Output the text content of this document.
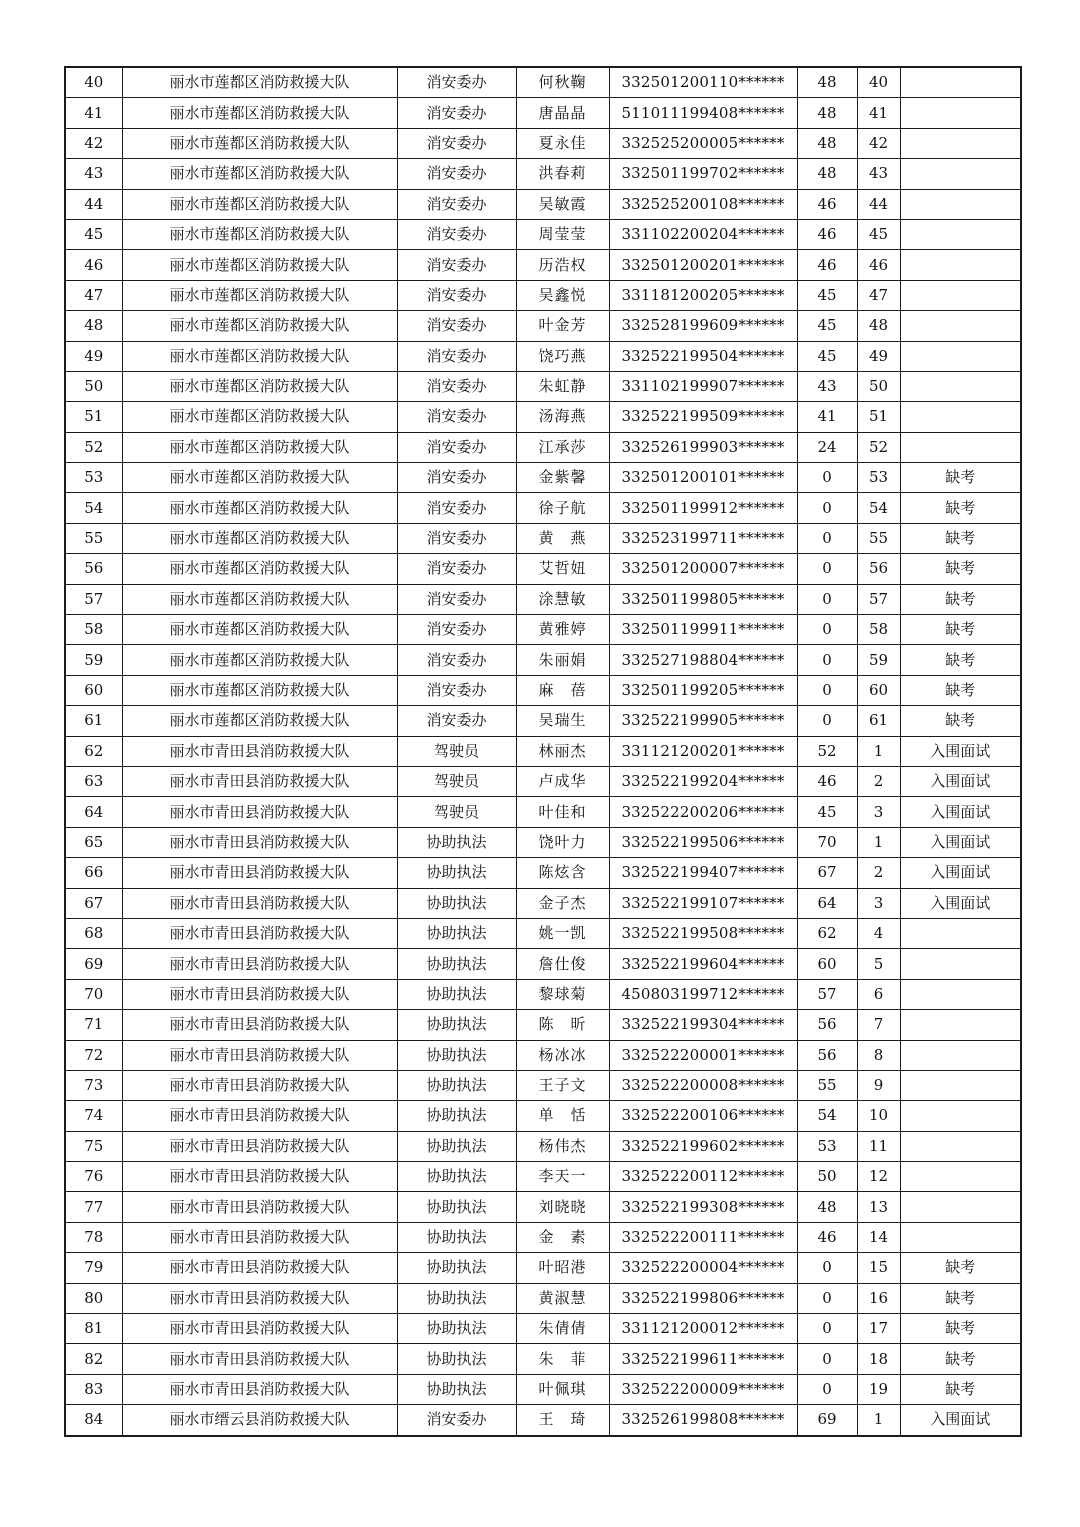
40	丽水市莲都区消防救援大队	消安委办	何秋鞠	332501200110******	48	40	
41	丽水市莲都区消防救援大队	消安委办	唐晶晶	511011199408******	48	41	
42	丽水市莲都区消防救援大队	消安委办	夏永佳	332525200005******	48	42	
43	丽水市莲都区消防救援大队	消安委办	洪春莉	332501199702******	48	43	
44	丽水市莲都区消防救援大队	消安委办	吴敏霞	332525200108******	46	44	
45	丽水市莲都区消防救援大队	消安委办	周莹莹	331102200204******	46	45	
46	丽水市莲都区消防救援大队	消安委办	历浩权	332501200201******	46	46	
47	丽水市莲都区消防救援大队	消安委办	吴鑫悦	331181200205******	45	47	
48	丽水市莲都区消防救援大队	消安委办	叶金芳	332528199609******	45	48	
49	丽水市莲都区消防救援大队	消安委办	饶巧燕	332522199504******	45	49	
50	丽水市莲都区消防救援大队	消安委办	朱虹静	331102199907******	43	50	
51	丽水市莲都区消防救援大队	消安委办	汤海燕	332522199509******	41	51	
52	丽水市莲都区消防救援大队	消安委办	江承莎	332526199903******	24	52	
53	丽水市莲都区消防救援大队	消安委办	金紫馨	332501200101******	0	53	缺考
54	丽水市莲都区消防救援大队	消安委办	徐子航	332501199912******	0	54	缺考
55	丽水市莲都区消防救援大队	消安委办	黄　燕	332523199711******	0	55	缺考
56	丽水市莲都区消防救援大队	消安委办	艾哲妞	332501200007******	0	56	缺考
57	丽水市莲都区消防救援大队	消安委办	涂慧敏	332501199805******	0	57	缺考
58	丽水市莲都区消防救援大队	消安委办	黄雅婷	332501199911******	0	58	缺考
59	丽水市莲都区消防救援大队	消安委办	朱丽娟	332527198804******	0	59	缺考
60	丽水市莲都区消防救援大队	消安委办	麻　蓓	332501199205******	0	60	缺考
61	丽水市莲都区消防救援大队	消安委办	吴瑞生	332522199905******	0	61	缺考
62	丽水市青田县消防救援大队	驾驶员	林丽杰	331121200201******	52	1	入围面试
63	丽水市青田县消防救援大队	驾驶员	卢成华	332522199204******	46	2	入围面试
64	丽水市青田县消防救援大队	驾驶员	叶佳和	332522200206******	45	3	入围面试
65	丽水市青田县消防救援大队	协助执法	饶叶力	332522199506******	70	1	入围面试
66	丽水市青田县消防救援大队	协助执法	陈炫含	332522199407******	67	2	入围面试
67	丽水市青田县消防救援大队	协助执法	金子杰	332522199107******	64	3	入围面试
68	丽水市青田县消防救援大队	协助执法	姚一凯	332522199508******	62	4	
69	丽水市青田县消防救援大队	协助执法	詹仕俊	332522199604******	60	5	
70	丽水市青田县消防救援大队	协助执法	黎球菊	450803199712******	57	6	
71	丽水市青田县消防救援大队	协助执法	陈　昕	332522199304******	56	7	
72	丽水市青田县消防救援大队	协助执法	杨冰冰	332522200001******	56	8	
73	丽水市青田县消防救援大队	协助执法	王子文	332522200008******	55	9	
74	丽水市青田县消防救援大队	协助执法	单　恬	332522200106******	54	10	
75	丽水市青田县消防救援大队	协助执法	杨伟杰	332522199602******	53	11	
76	丽水市青田县消防救援大队	协助执法	李天一	332522200112******	50	12	
77	丽水市青田县消防救援大队	协助执法	刘晓晓	332522199308******	48	13	
78	丽水市青田县消防救援大队	协助执法	金　素	332522200111******	46	14	
79	丽水市青田县消防救援大队	协助执法	叶昭港	332522200004******	0	15	缺考
80	丽水市青田县消防救援大队	协助执法	黄淑慧	332522199806******	0	16	缺考
81	丽水市青田县消防救援大队	协助执法	朱倩倩	331121200012******	0	17	缺考
82	丽水市青田县消防救援大队	协助执法	朱　菲	332522199611******	0	18	缺考
83	丽水市青田县消防救援大队	协助执法	叶佩琪	332522200009******	0	19	缺考
84	丽水市缙云县消防救援大队	消安委办	王　琦	332526199808******	69	1	入围面试
